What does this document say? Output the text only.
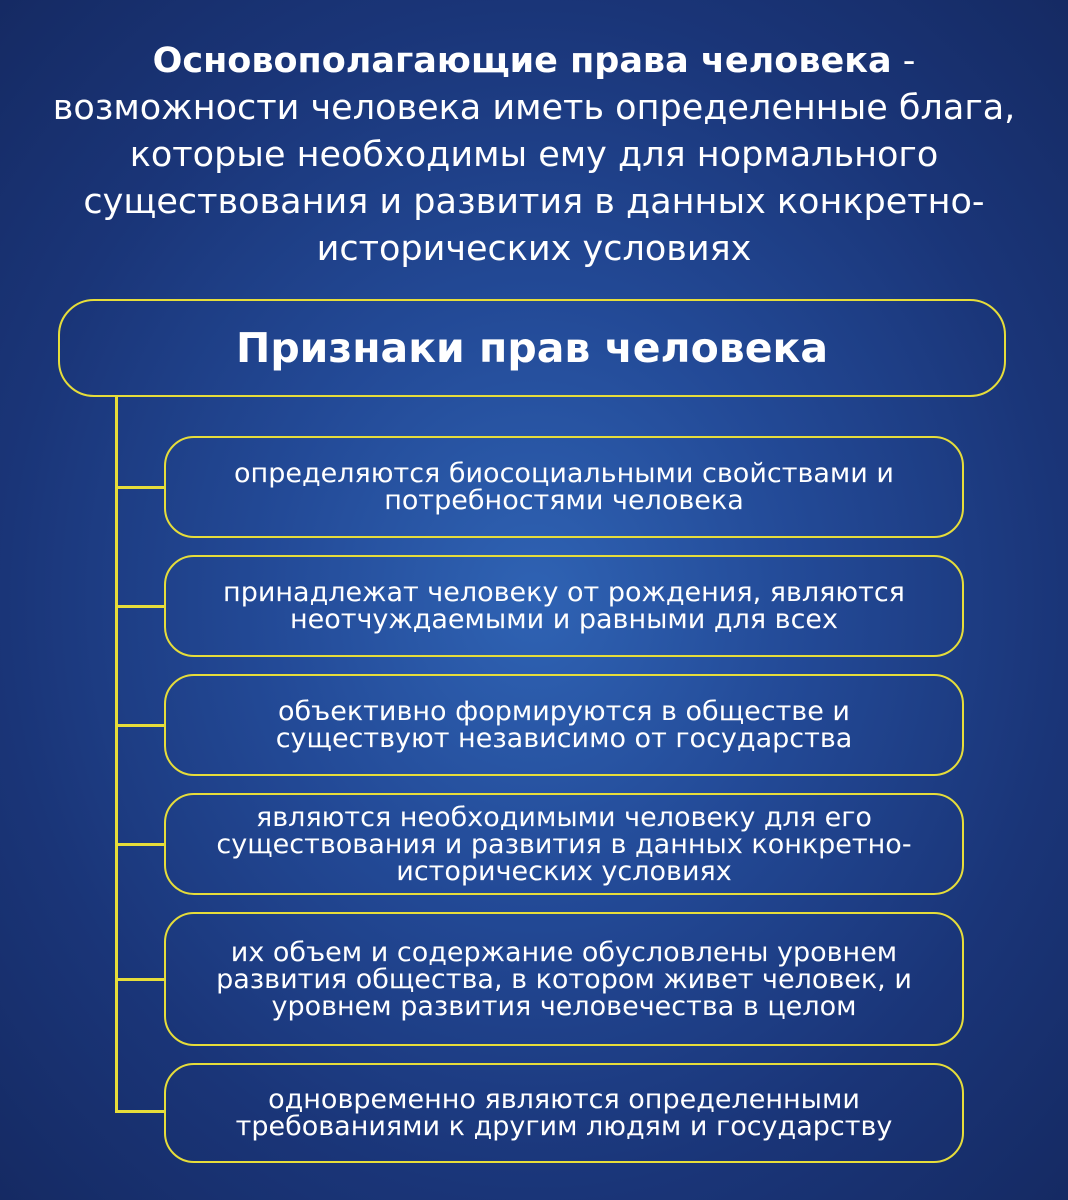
Основополагающие права человека - возможности человека иметь определенные блага, которые необходимы ему для нормального существования и развития в данных конкретно-исторических условиях
Признаки прав человека
определяются биосоциальными свойствами и потребностями человека
принадлежат человеку от рождения, являются неотчуждаемыми и равными для всех
объективно формируются в обществе и существуют независимо от государства
являются необходимыми человеку для его существования и развития в данных конкретно-исторических условиях
их объем и содержание обусловлены уровнем развития общества, в котором живет человек, и уровнем развития человечества в целом
одновременно являются определенными требованиями к другим людям и государству
